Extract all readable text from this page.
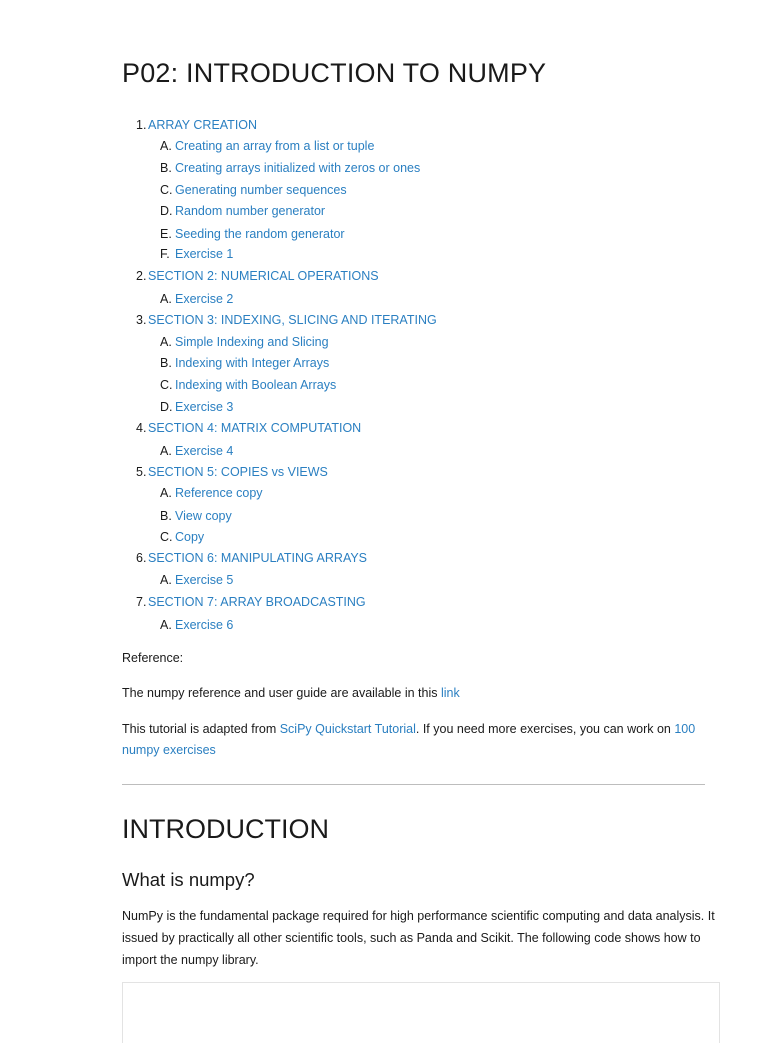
P02: INTRODUCTION TO NUMPY
1. ARRAY CREATION
A. Creating an array from a list or tuple
B. Creating arrays initialized with zeros or ones
C. Generating number sequences
D. Random number generator
E. Seeding the random generator
F. Exercise 1
2. SECTION 2: NUMERICAL OPERATIONS
A. Exercise 2
3. SECTION 3: INDEXING, SLICING AND ITERATING
A. Simple Indexing and Slicing
B. Indexing with Integer Arrays
C. Indexing with Boolean Arrays
D. Exercise 3
4. SECTION 4: MATRIX COMPUTATION
A. Exercise 4
5. SECTION 5: COPIES vs VIEWS
A. Reference copy
B. View copy
C. Copy
6. SECTION 6: MANIPULATING ARRAYS
A. Exercise 5
7. SECTION 7: ARRAY BROADCASTING
A. Exercise 6

Reference:

The numpy reference and user guide are available in this link

This tutorial is adapted from SciPy Quickstart Tutorial. If you need more exercises, you can work on 100 numpy exercises

INTRODUCTION
What is numpy?

NumPy is the fundamental package required for high performance scientific computing and data analysis. It issued by practically all other scientific tools, such as Panda and Scikit. The following code shows how to import the numpy library.
